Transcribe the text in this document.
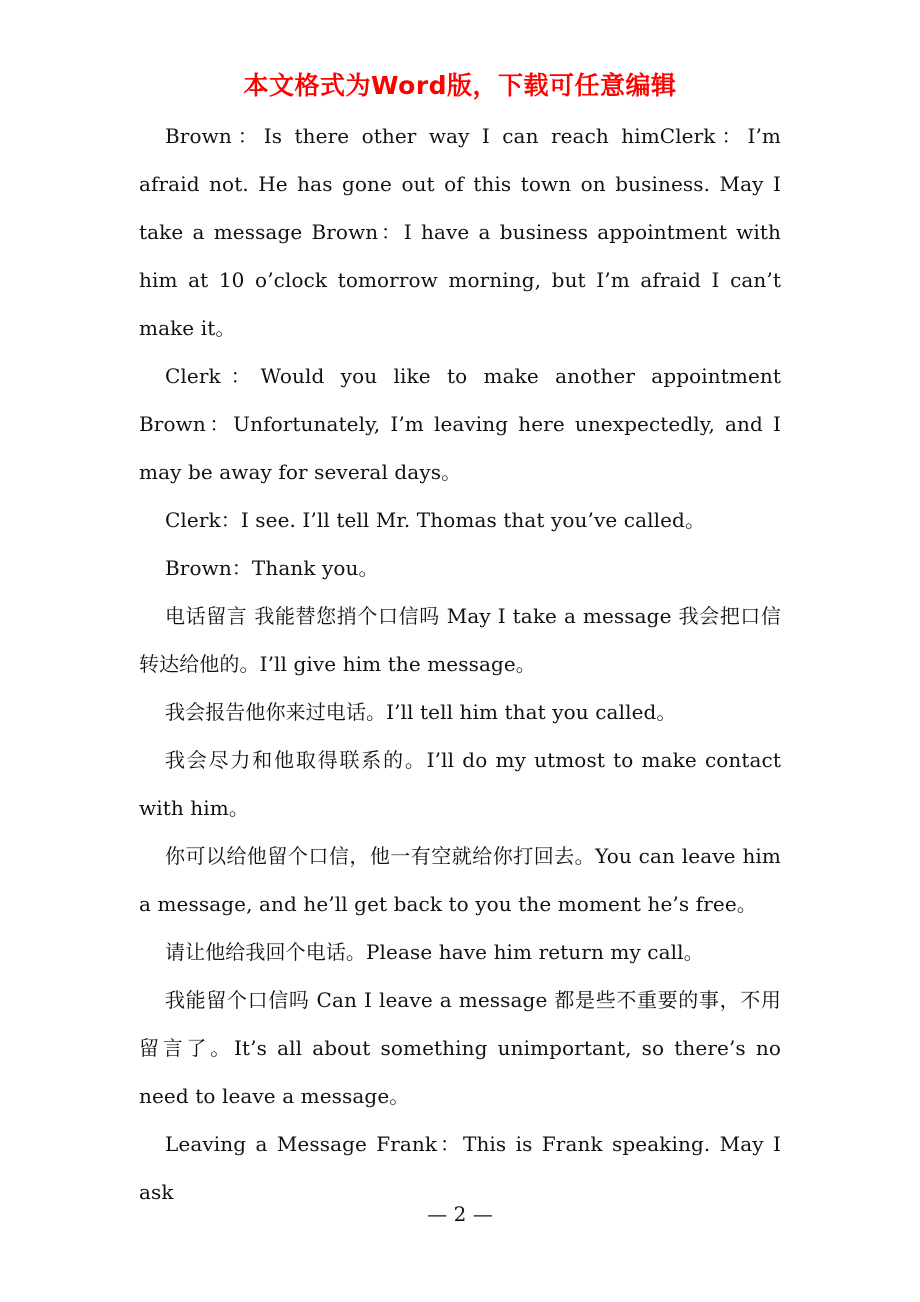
本文格式为Word版，下载可任意编辑

Brown：Is there other way I can reach himClerk：I’m afraid not. He has gone out of this town on business. May I take a message Brown：I have a business appointment with him at 10 o’clock tomorrow morning, but I’m afraid I can’t make it。

Clerk：Would you like to make another appointment Brown：Unfortunately, I’m leaving here unexpectedly, and I may be away for several days。

Clerk：I see. I’ll tell Mr. Thomas that you’ve called。

Brown：Thank you。

电话留言 我能替您捎个口信吗 May I take a message 我会把口信转达给他的。I’ll give him the message。

我会报告他你来过电话。I’ll tell him that you called。

我会尽力和他取得联系的。I’ll do my utmost to make contact with him。

你可以给他留个口信，他一有空就给你打回去。You can leave him a message, and he’ll get back to you the moment he’s free。

请让他给我回个电话。Please have him return my call。

我能留个口信吗 Can I leave a message 都是些不重要的事，不用留言了。It’s all about something unimportant, so there’s no need to leave a message。

Leaving a Message Frank：This is Frank speaking. May I ask

— 2 —
